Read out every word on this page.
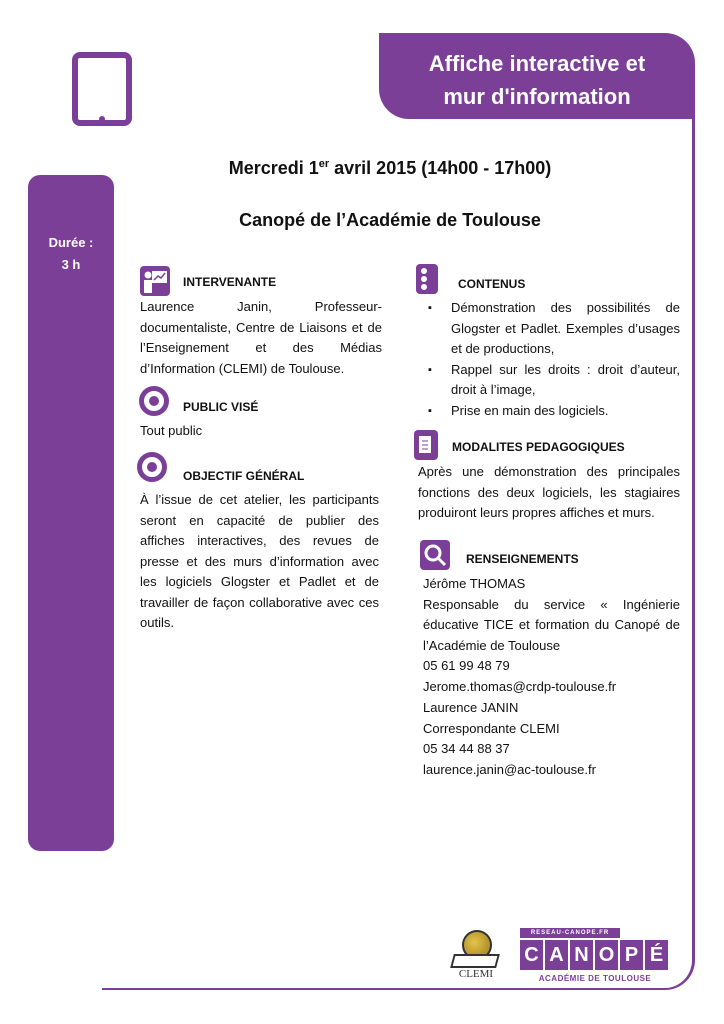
Affiche interactive et
mur d'information
Durée :
3 h
Mercredi 1er avril 2015 (14h00 - 17h00)
Canopé de l’Académie de Toulouse
INTERVENANTE
Laurence Janin, Professeur-documentaliste, Centre de Liaisons et de l’Enseignement et des Médias d’Information (CLEMI) de Toulouse.
PUBLIC VISÉ
Tout public
OBJECTIF GÉNÉRAL
À l’issue de cet atelier, les participants seront en capacité de publier des affiches interactives, des revues de presse et des murs d’information avec les logiciels Glogster et Padlet et de travailler de façon collaborative avec ces outils.
CONTENUS
▪ Démonstration des possibilités de Glogster et Padlet. Exemples d’usages et de productions,
▪ Rappel sur les droits : droit d’auteur, droit à l’image,
▪ Prise en main des logiciels.
MODALITES PEDAGOGIQUES
Après une démonstration des principales fonctions des deux logiciels, les stagiaires produiront leurs propres affiches et murs.
RENSEIGNEMENTS
Jérôme THOMAS
Responsable du service « Ingénierie éducative TICE et formation du Canopé de l’Académie de Toulouse
05 61 99 48 79
Jerome.thomas@crdp-toulouse.fr
Laurence JANIN
Correspondante CLEMI
05 34 44 88 37
laurence.janin@ac-toulouse.fr
CLEMI
RESEAU-CANOPE.FR
C A N O P É
ACADÉMIE DE TOULOUSE
